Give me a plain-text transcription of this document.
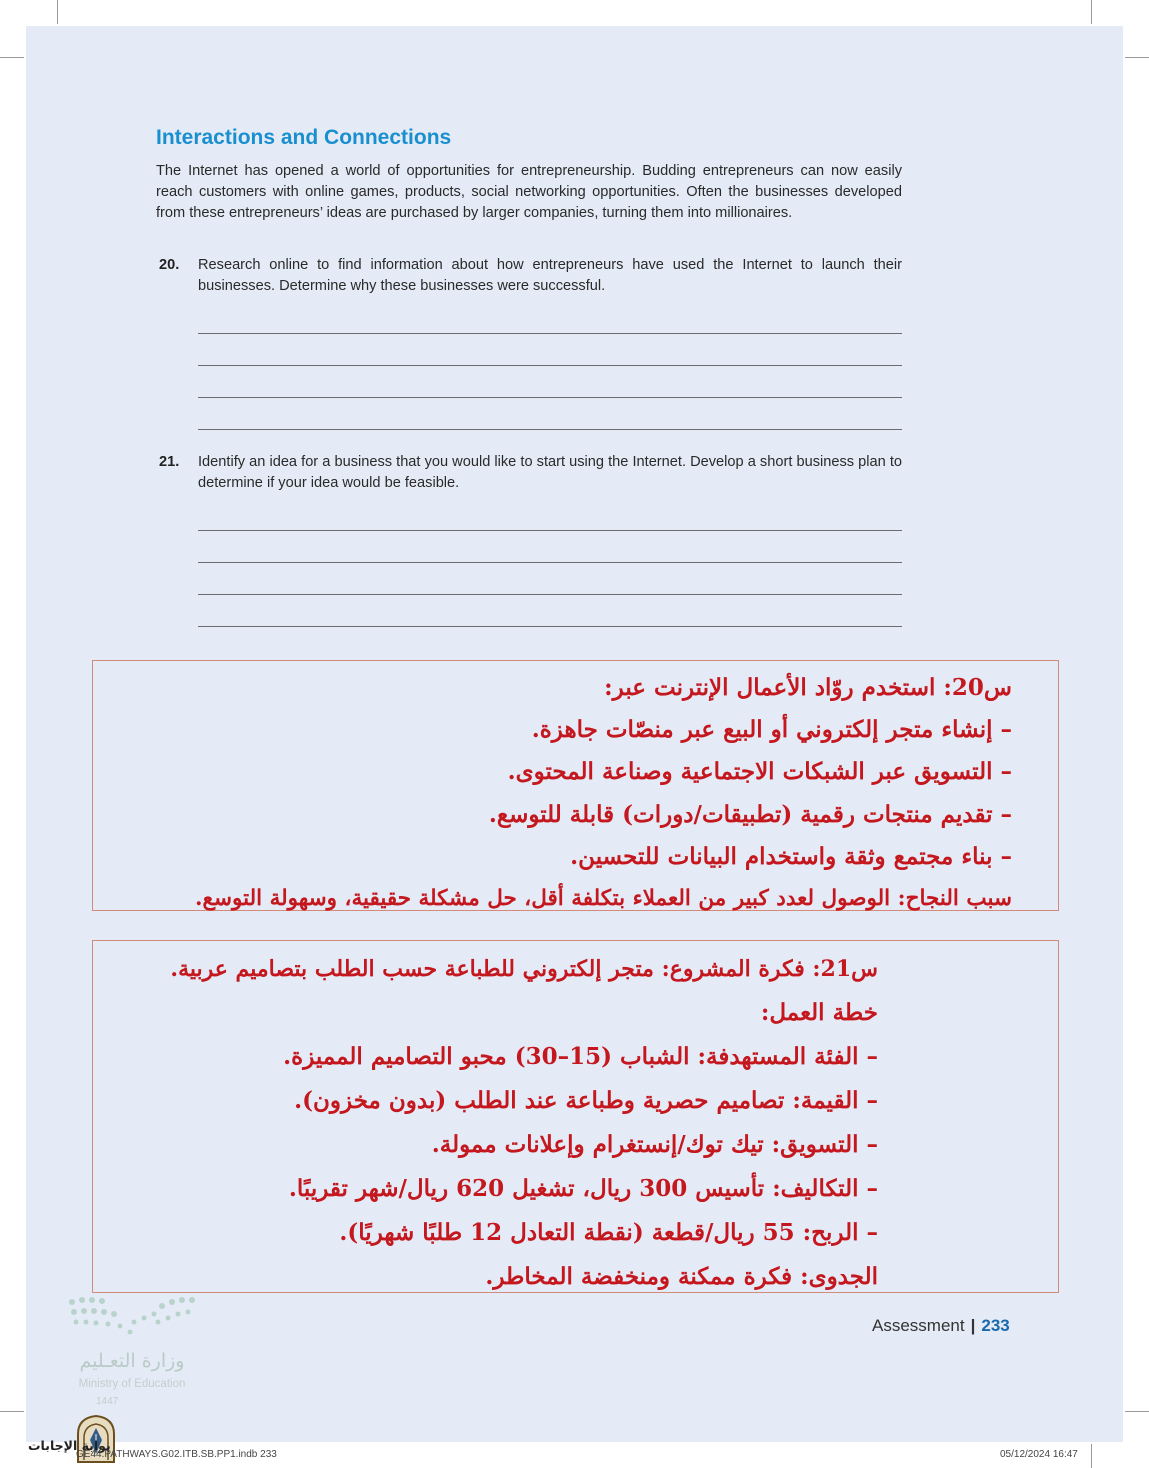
Interactions and Connections

The Internet has opened a world of opportunities for entrepreneurship. Budding entrepreneurs can now easily reach customers with online games, products, social networking opportunities. Often the businesses developed from these entrepreneurs’ ideas are purchased by larger companies, turning them into millionaires.

20. Research online to find information about how entrepreneurs have used the Internet to launch their businesses. Determine why these businesses were successful.

21. Identify an idea for a business that you would like to start using the Internet. Develop a short business plan to determine if your idea would be feasible.

س20: استخدم روّاد الأعمال الإنترنت عبر:
– إنشاء متجر إلكتروني أو البيع عبر منصّات جاهزة.
– التسويق عبر الشبكات الاجتماعية وصناعة المحتوى.
– تقديم منتجات رقمية (تطبيقات/دورات) قابلة للتوسع.
– بناء مجتمع وثقة واستخدام البيانات للتحسين.
سبب النجاح: الوصول لعدد كبير من العملاء بتكلفة أقل، حل مشكلة حقيقية، وسهولة التوسع.
س21: فكرة المشروع: متجر إلكتروني للطباعة حسب الطلب بتصاميم عربية.
خطة العمل:
– الفئة المستهدفة: الشباب (15–30) محبو التصاميم المميزة.
– القيمة: تصاميم حصرية وطباعة عند الطلب (بدون مخزون).
– التسويق: تيك توك/إنستغرام وإعلانات ممولة.
– التكاليف: تأسيس 300 ريال، تشغيل 620 ريال/شهر تقريبًا.
– الربح: 55 ريال/قطعة (نقطة التعادل 12 طلبًا شهريًا).
الجدوى: فكرة ممكنة ومنخفضة المخاطر.
Assessment | 233
وزارة التعـليم
Ministry of Education
1447
بوابة الإجابات
GE44.PATHWAYS.G02.ITB.SB.PP1.indb 233	05/12/2024 16:47
